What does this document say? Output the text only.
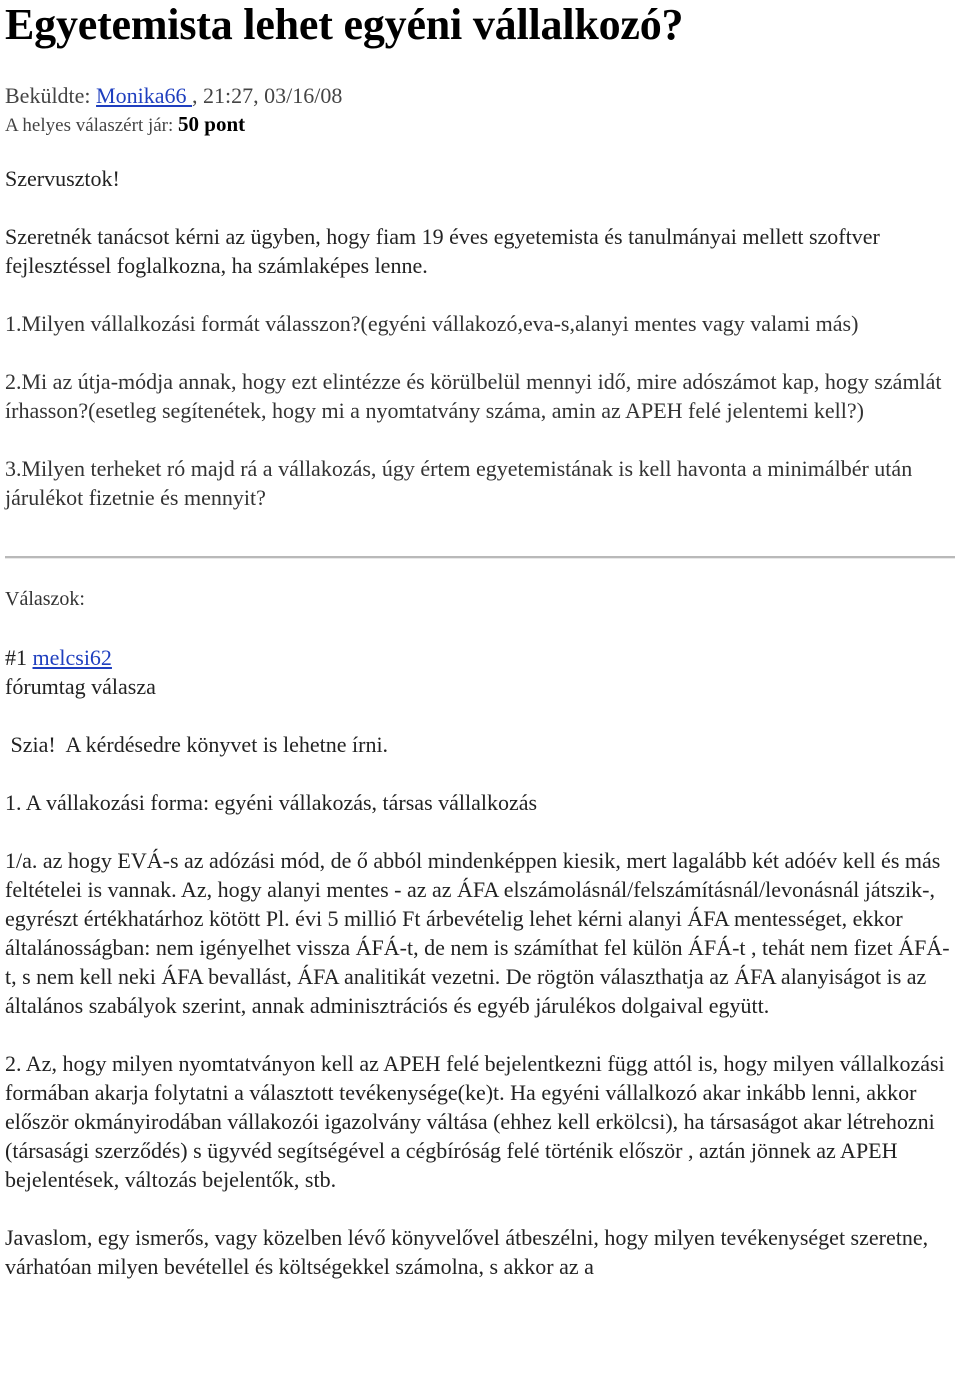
Egyetemista lehet egyéni vállalkozó?
Beküldte: Monika66 , 21:27, 03/16/08
A helyes válaszért jár: 50 pont

Szervusztok!

Szeretnék tanácsot kérni az ügyben, hogy fiam 19 éves egyetemista és tanulmányai mellett szoftver fejlesztéssel foglalkozna, ha számlaképes lenne.

1.Milyen vállalkozási formát válasszon?(egyéni vállakozó,eva-s,alanyi mentes vagy valami más)

2.Mi az útja-módja annak, hogy ezt elintézze és körülbelül mennyi idő, mire adószámot kap, hogy számlát írhasson?(esetleg segítenétek, hogy mi a nyomtatvány száma, amin az APEH felé jelentemi kell?)

3.Milyen terheket ró majd rá a vállakozás, úgy értem egyetemistának is kell havonta a minimálbér után járulékot fizetnie és mennyit?

Válaszok:
#1 melcsi62

fórumtag válasza

Szia!  A kérdésedre könyvet is lehetne írni.

1. A vállakozási forma: egyéni vállakozás, társas vállalkozás

1/a. az hogy EVÁ-s az adózási mód, de ő abból mindenképpen kiesik, mert lagalább két adóév kell és más feltételei is vannak. Az, hogy alanyi mentes - az az ÁFA elszámolásnál/felszámításnál/levonásnál játszik-, egyrészt értékhatárhoz kötött Pl. évi 5 millió Ft árbevételig lehet kérni alanyi ÁFA mentességet, ekkor általánosságban: nem igényelhet vissza ÁFÁ-t, de nem is számíthat fel külön ÁFÁ-t , tehát nem fizet ÁFÁ-t, s nem kell neki ÁFA bevallást, ÁFA analitikát vezetni. De rögtön választhatja az ÁFA alanyiságot is az általános szabályok szerint, annak adminisztrációs és egyéb járulékos dolgaival együtt.

2. Az, hogy milyen nyomtatványon kell az APEH felé bejelentkezni függ attól is, hogy milyen vállalkozási formában akarja folytatni a választott tevékenysége(ke)t. Ha egyéni vállalkozó akar inkább lenni, akkor először okmányirodában vállakozói igazolvány váltása (ehhez kell erkölcsi), ha társaságot akar létrehozni (társasági szerződés) s ügyvéd segítségével a cégbíróság felé történik először , aztán jönnek az APEH bejelentések, változás bejelentők, stb.

Javaslom, egy ismerős, vagy közelben lévő könyvelővel átbeszélni, hogy milyen tevékenységet szeretne, várhatóan milyen bevétellel és költségekkel számolna, s akkor az a
